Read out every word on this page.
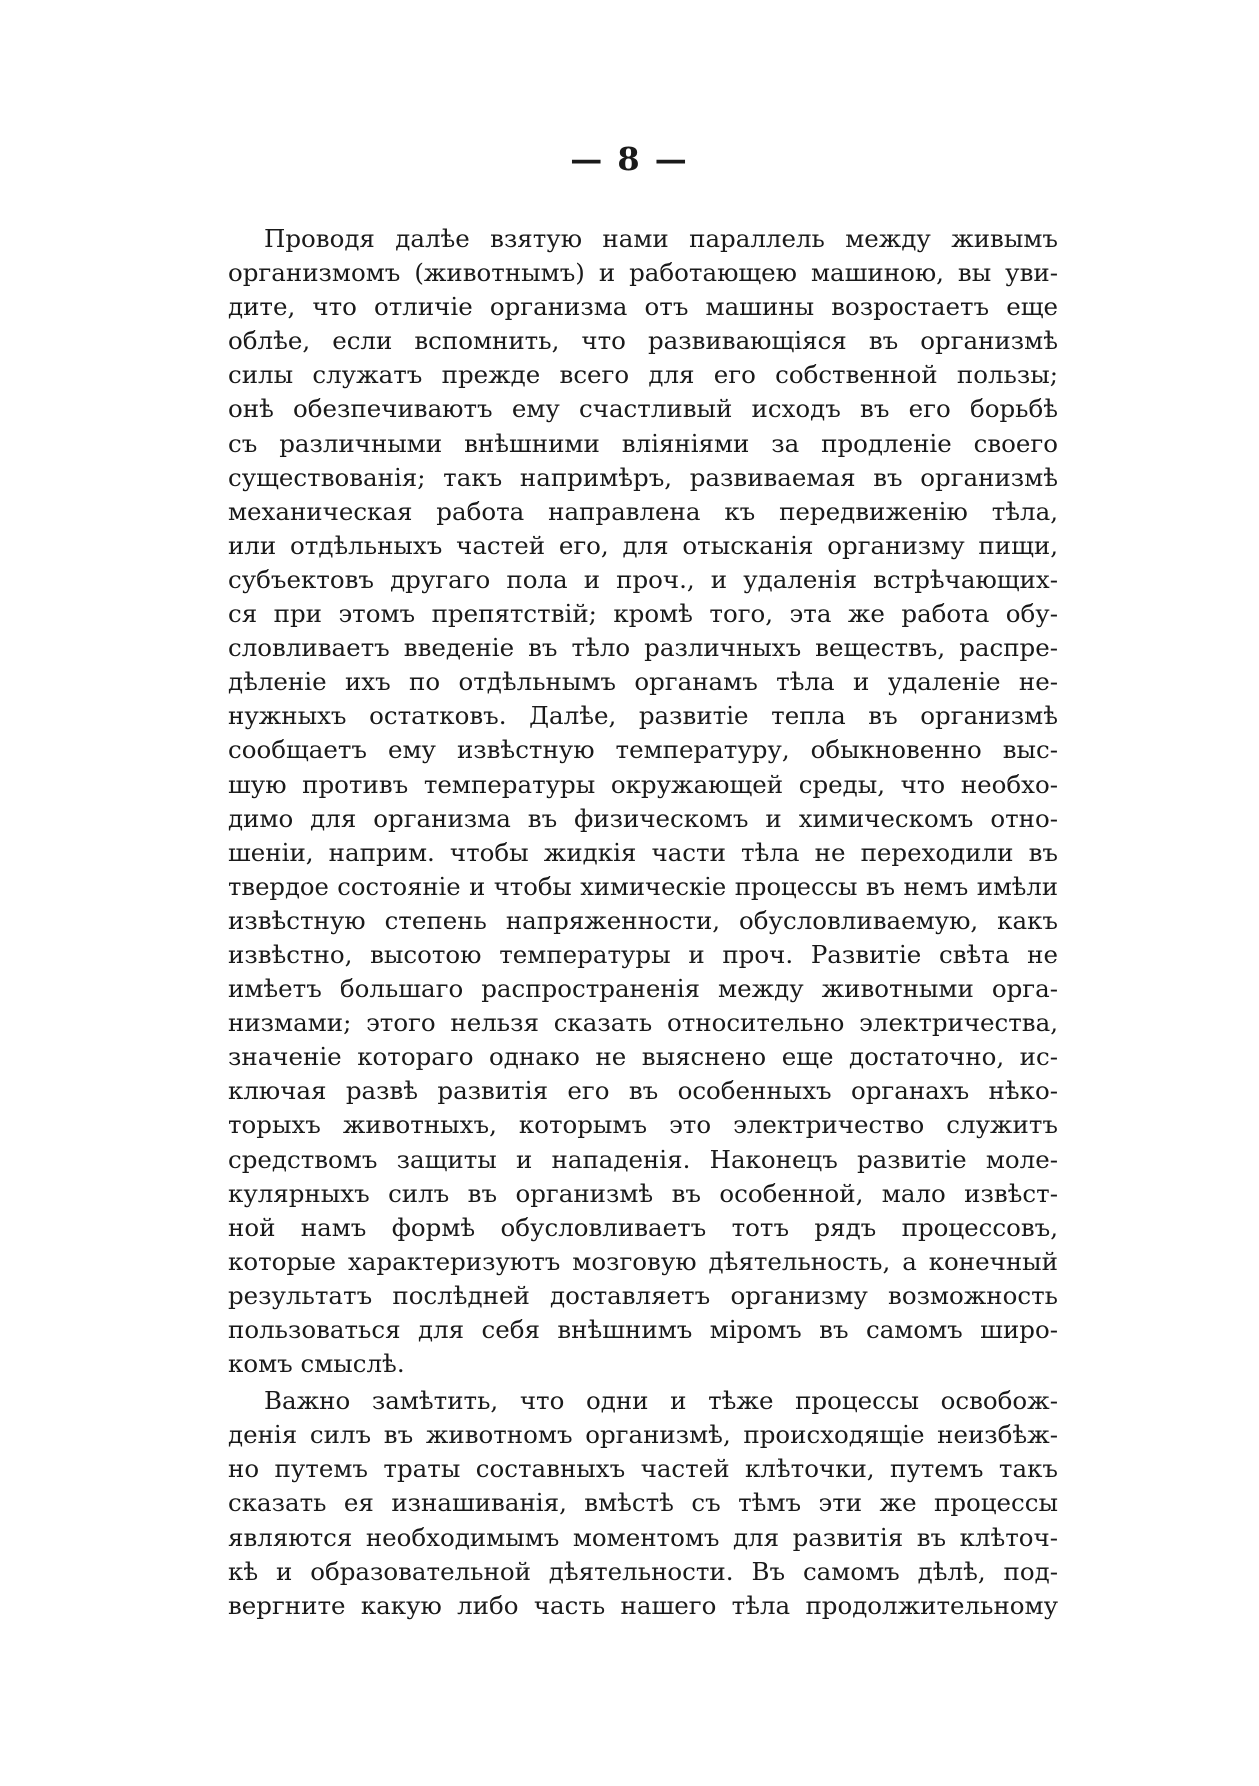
— 8 —
Проводя далѣе взятую нами параллель между живымъ
организмомъ (животнымъ) и работающею машиною, вы уви-
дите, что отличіе организма отъ машины возростаетъ еще
облѣе, если вспомнить, что развивающіяся въ организмѣ
силы служатъ прежде всего для его собственной пользы;
онѣ обезпечиваютъ ему счастливый исходъ въ его борьбѣ
съ различными внѣшними вліяніями за продленіе своего
существованія; такъ напримѣръ, развиваемая въ организмѣ
механическая работа направлена къ передвиженію тѣла,
или отдѣльныхъ частей его, для отысканія организму пищи,
субъектовъ другаго пола и проч., и удаленія встрѣчающих-
ся при этомъ препятствій; кромѣ того, эта же работа обу-
словливаетъ введеніе въ тѣло различныхъ веществъ, распре-
дѣленіе ихъ по отдѣльнымъ органамъ тѣла и удаленіе не-
нужныхъ остатковъ. Далѣе, развитіе тепла въ организмѣ
сообщаетъ ему извѣстную температуру, обыкновенно выс-
шую противъ температуры окружающей среды, что необхо-
димо для организма въ физическомъ и химическомъ отно-
шеніи, наприм. чтобы жидкія части тѣла не переходили въ
твердое состояніе и чтобы химическіе процессы въ немъ имѣли
извѣстную степень напряженности, обусловливаемую, какъ
извѣстно, высотою температуры и проч. Развитіе свѣта не
имѣетъ большаго распространенія между животными орга-
низмами; этого нельзя сказать относительно электричества,
значеніе котораго однако не выяснено еще достаточно, ис-
ключая развѣ развитія его въ особенныхъ органахъ нѣко-
торыхъ животныхъ, которымъ это электричество служитъ
средствомъ защиты и нападенія. Наконецъ развитіе моле-
кулярныхъ силъ въ организмѣ въ особенной, мало извѣст-
ной намъ формѣ обусловливаетъ тотъ рядъ процессовъ,
которые характеризуютъ мозговую дѣятельность, а конечный
результатъ послѣдней доставляетъ организму возможность
пользоваться для себя внѣшнимъ міромъ въ самомъ широ-
комъ смыслѣ.
Важно замѣтить, что одни и тѣже процессы освобож-
денія силъ въ животномъ организмѣ, происходящіе неизбѣж-
но путемъ траты составныхъ частей клѣточки, путемъ такъ
сказать ея изнашиванія, вмѣстѣ съ тѣмъ эти же процессы
являются необходимымъ моментомъ для развитія въ клѣточ-
кѣ и образовательной дѣятельности. Въ самомъ дѣлѣ, под-
вергните какую либо часть нашего тѣла продолжительному
